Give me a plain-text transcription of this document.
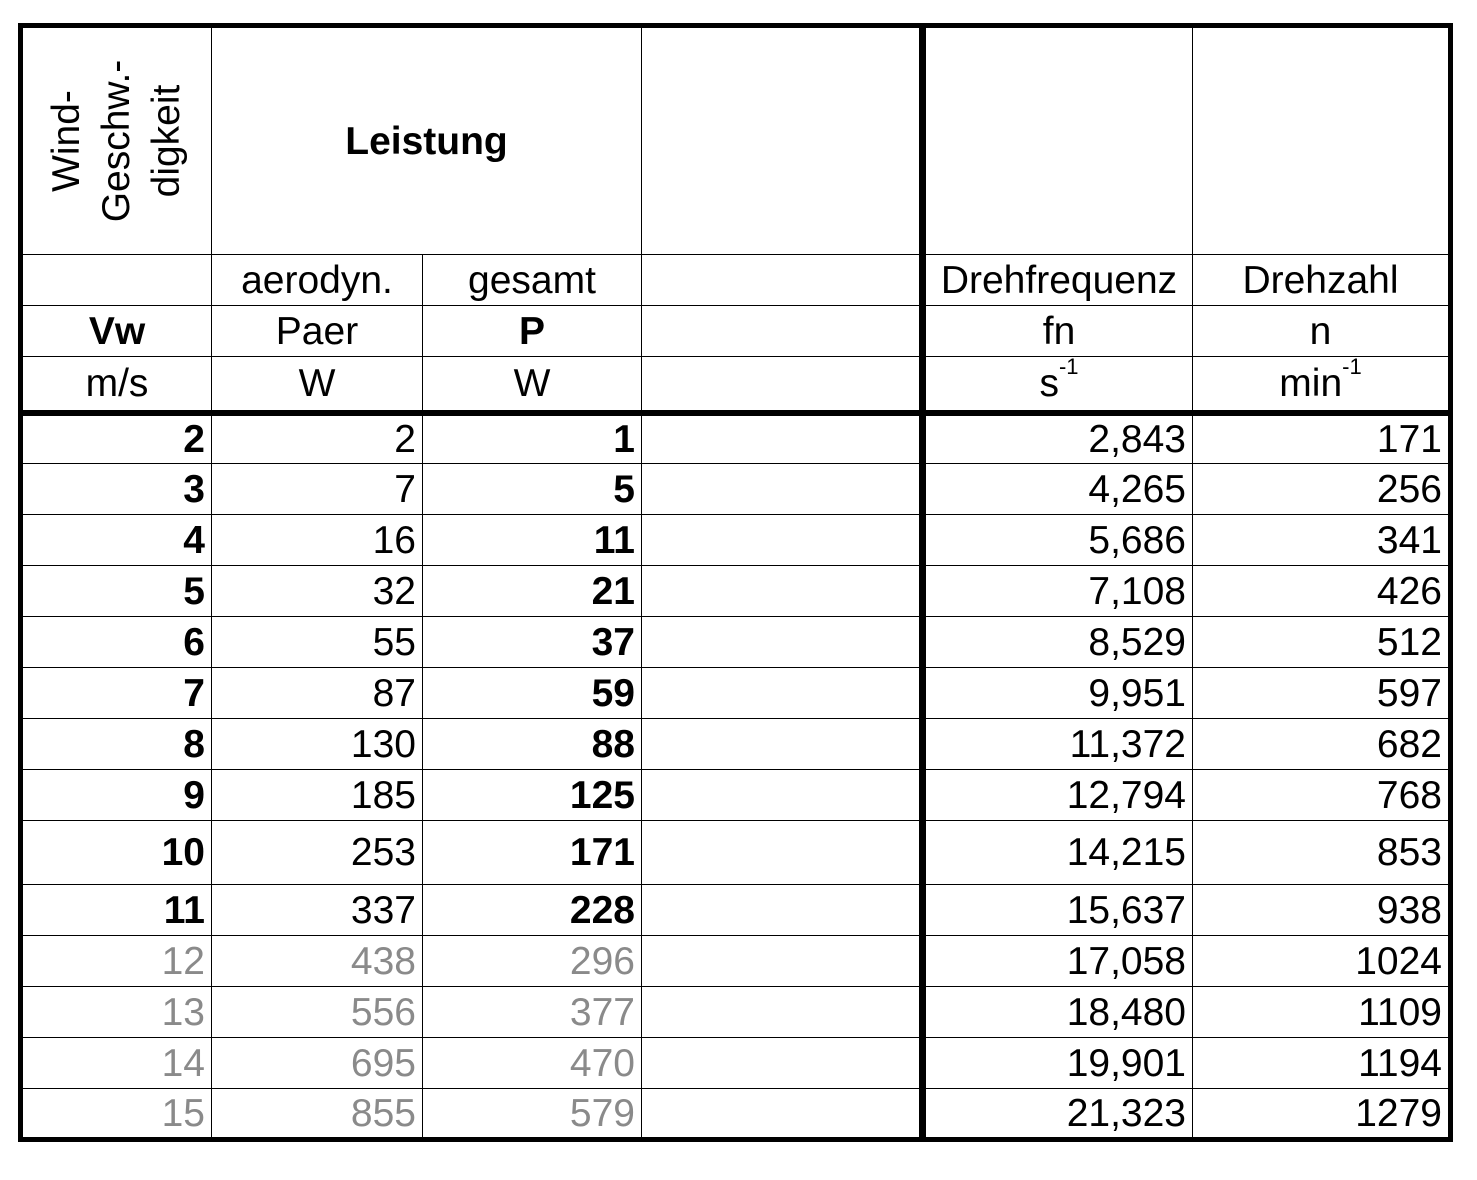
Wind- Geschw.- digkeit	Leistung				
	aerodyn.	gesamt		Drehfrequenz	Drehzahl
Vw	Paer	P		fn	n
m/s	W	W		$s^{-1}$	$\min^{-1}$
2	2	1		2,843	171
3	7	5		4,265	256
4	16	11		5,686	341
5	32	21		7,108	426
6	55	37		8,529	512
7	87	59		9,951	597
8	130	88		11,372	682
9	185	125		12,794	768
10	253	171		14,215	853
11	337	228		15,637	938
12	438	296		17,058	1024
13	556	377		18,480	1109
14	695	470		19,901	1194
15	855	579		21,323	1279
